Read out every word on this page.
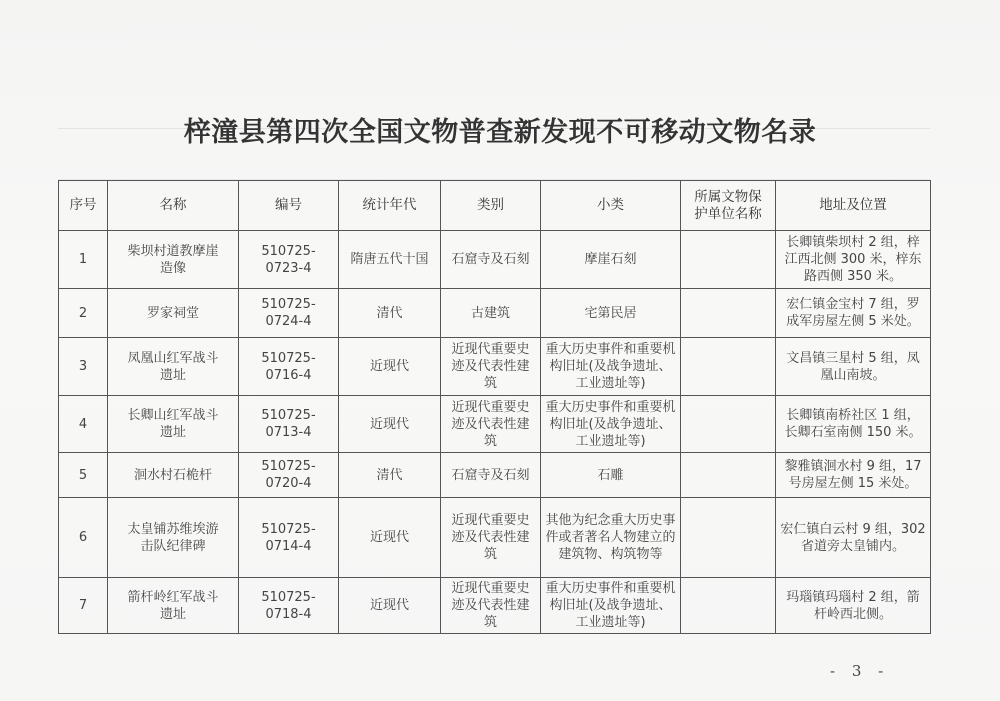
梓潼县第四次全国文物普查新发现不可移动文物名录
序号	名称	编号	统计年代	类别	小类	所属文物保护单位名称	地址及位置
1	柴坝村道教摩崖造像	510725-0723-4	隋唐五代十国	石窟寺及石刻	摩崖石刻		长卿镇柴坝村 2 组，梓江西北侧 300 米，梓东路西侧 350 米。
2	罗家祠堂	510725-0724-4	清代	古建筑	宅第民居		宏仁镇金宝村 7 组，罗成军房屋左侧 5 米处。
3	凤凰山红军战斗遗址	510725-0716-4	近现代	近现代重要史迹及代表性建筑	重大历史事件和重要机构旧址(及战争遗址、工业遗址等)		文昌镇三星村 5 组，凤凰山南坡。
4	长卿山红军战斗遗址	510725-0713-4	近现代	近现代重要史迹及代表性建筑	重大历史事件和重要机构旧址(及战争遗址、工业遗址等)		长卿镇南桥社区 1 组，长卿石室南侧 150 米。
5	洄水村石桅杆	510725-0720-4	清代	石窟寺及石刻	石雕		黎雅镇洄水村 9 组，17 号房屋左侧 15 米处。
6	太皇铺苏维埃游击队纪律碑	510725-0714-4	近现代	近现代重要史迹及代表性建筑	其他为纪念重大历史事件或者著名人物建立的建筑物、构筑物等		宏仁镇白云村 9 组，302 省道旁太皇铺内。
7	箭杆岭红军战斗遗址	510725-0718-4	近现代	近现代重要史迹及代表性建筑	重大历史事件和重要机构旧址(及战争遗址、工业遗址等)		玛瑙镇玛瑙村 2 组，箭杆岭西北侧。
- 3 -
